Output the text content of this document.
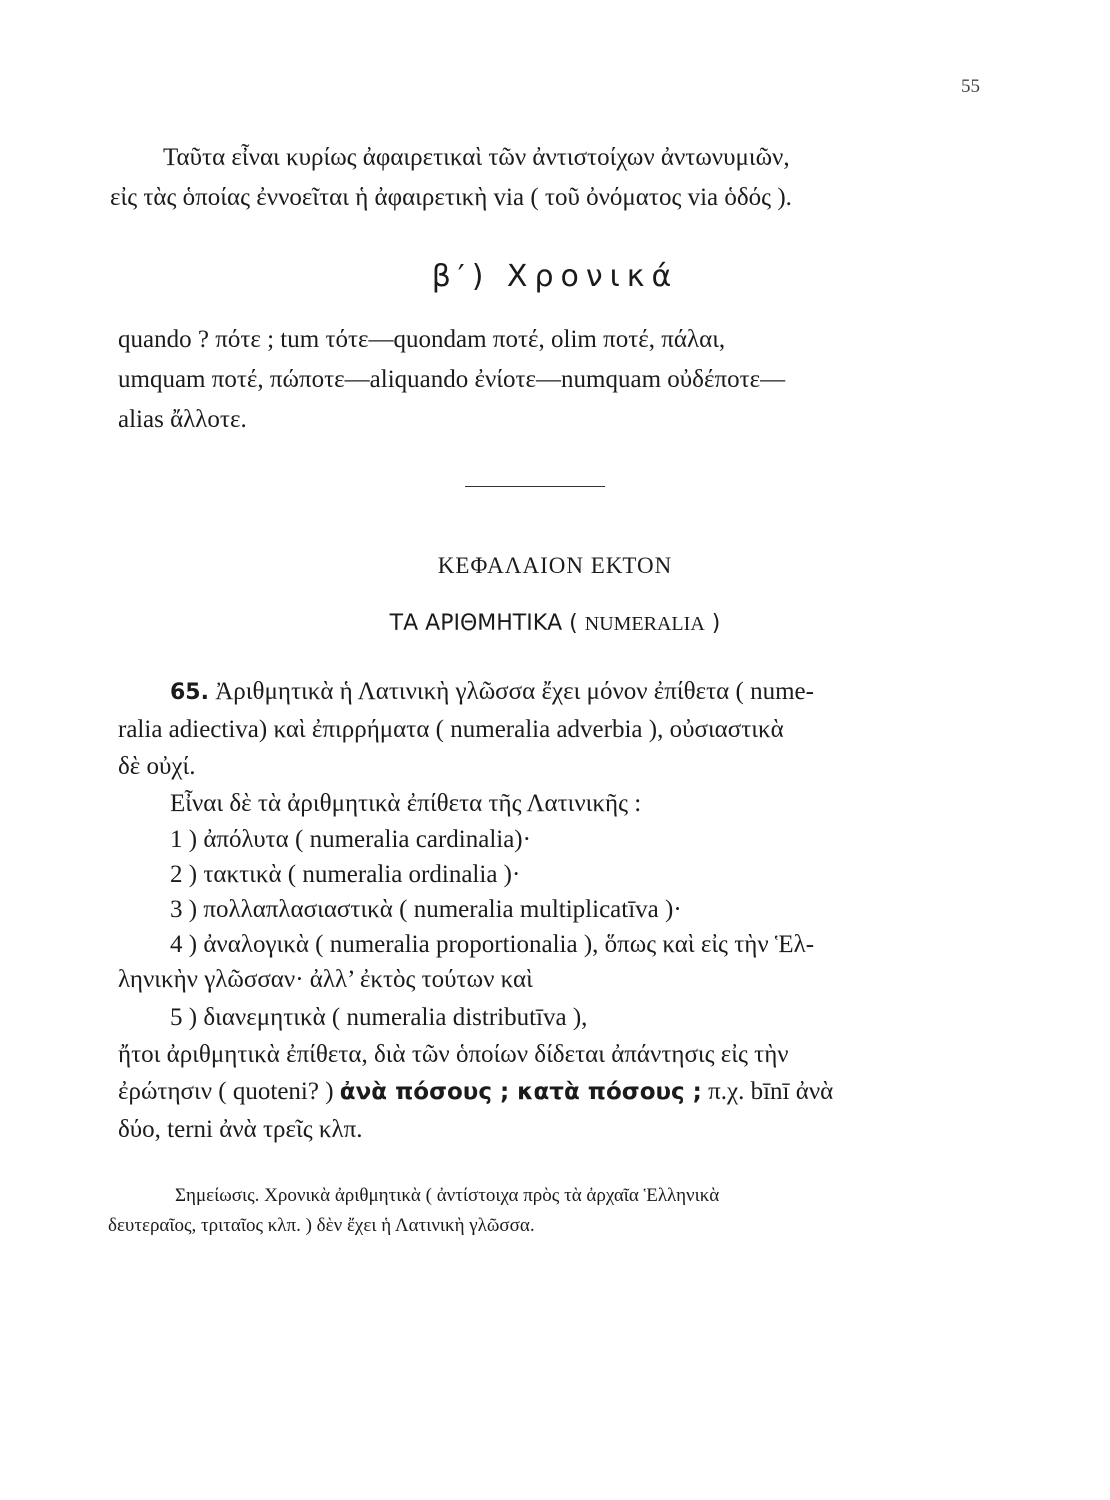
55
Ταῦτα εἶναι κυρίως ἀφαιρετικαὶ τῶν ἀντιστοίχων ἀντωνυμιῶν,
εἰς τὰς ὁποίας ἐννοεῖται ἡ ἀφαιρετικὴ via ( τοῦ ὀνόματος via ὁδός ).
β′) Χρονικά
quando ? πότε ; tum τότε—quondam ποτέ, olim ποτέ, πάλαι,
umquam ποτέ, πώποτε—aliquando ἐνίοτε—numquam οὐδέποτε—
alias ἄλλοτε.
ΚΕΦΑΛΑΙΟΝ ΕΚΤΟΝ
ΤΑ ΑΡΙΘΜΗΤΙΚΑ ( NUMERALIA )
65. Ἀριθμητικὰ ἡ Λατινικὴ γλῶσσα ἔχει μόνον ἐπίθετα ( nume-
ralia adiectiva) καὶ ἐπιρρήματα ( numeralia adverbia ), οὐσιαστικὰ
δὲ οὐχί.
Εἶναι δὲ τὰ ἀριθμητικὰ ἐπίθετα τῆς Λατινικῆς :
1 ) ἀπόλυτα ( numeralia cardinalia)·
2 ) τακτικὰ ( numeralia ordinalia )·
3 ) πολλαπλασιαστικὰ ( numeralia multiplicatīva )·
4 ) ἀναλογικὰ ( numeralia proportionalia ), ὅπως καὶ εἰς τὴν Ἑλ-
ληνικὴν γλῶσσαν· ἀλλ’ ἐκτὸς τούτων καὶ
5 ) διανεμητικὰ ( numeralia distributīva ),
ἤτοι ἀριθμητικὰ ἐπίθετα, διὰ τῶν ὁποίων δίδεται ἀπάντησις εἰς τὴν
ἐρώτησιν ( quoteni? ) ἀνὰ πόσους ; κατὰ πόσους ; π.χ. bīnī ἀνὰ
δύο, terni ἀνὰ τρεῖς κλπ.
Σημείωσις. Χρονικὰ ἀριθμητικὰ ( ἀντίστοιχα πρὸς τὰ ἀρχαῖα Ἑλληνικὰ
δευτεραῖος, τριταῖος κλπ. ) δὲν ἔχει ἡ Λατινικὴ γλῶσσα.
